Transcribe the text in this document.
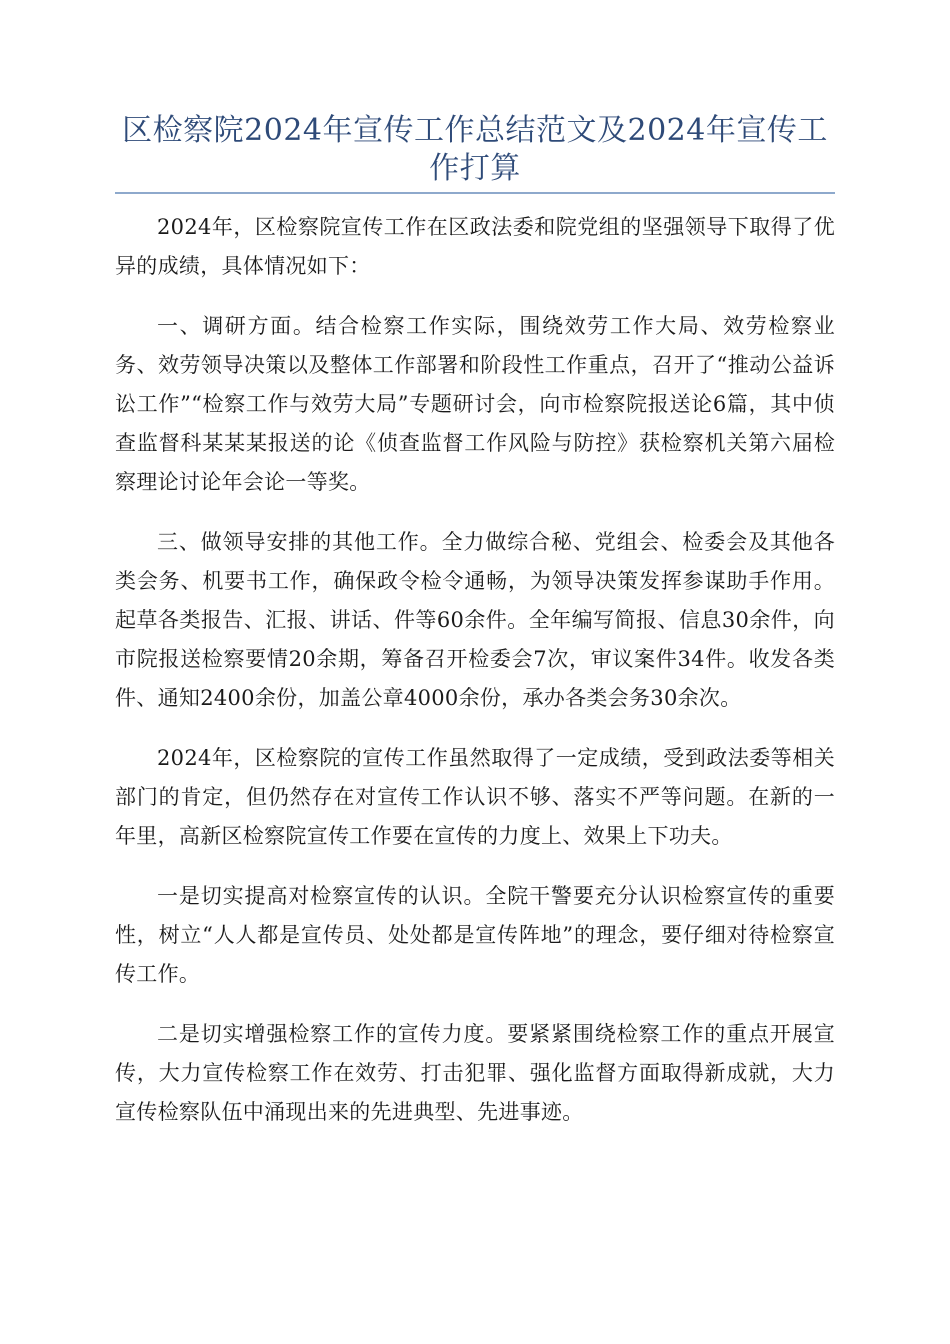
区检察院2024年宣传工作总结范文及2024年宣传工作打算

2024年，区检察院宣传工作在区政法委和院党组的坚强领导下取得了优异的成绩，具体情况如下：

一、调研方面。结合检察工作实际，围绕效劳工作大局、效劳检察业务、效劳领导决策以及整体工作部署和阶段性工作重点，召开了“推动公益诉讼工作”“检察工作与效劳大局”专题研讨会，向市检察院报送论6篇，其中侦查监督科某某某报送的论《侦查监督工作风险与防控》获检察机关第六届检察理论讨论年会论一等奖。

三、做领导安排的其他工作。全力做综合秘、党组会、检委会及其他各类会务、机要书工作，确保政令检令通畅，为领导决策发挥参谋助手作用。起草各类报告、汇报、讲话、件等60余件。全年编写简报、信息30余件，向市院报送检察要情20余期，筹备召开检委会7次，审议案件34件。收发各类件、通知2400余份，加盖公章4000余份，承办各类会务30余次。

2024年，区检察院的宣传工作虽然取得了一定成绩，受到政法委等相关部门的肯定，但仍然存在对宣传工作认识不够、落实不严等问题。在新的一年里，高新区检察院宣传工作要在宣传的力度上、效果上下功夫。

一是切实提高对检察宣传的认识。全院干警要充分认识检察宣传的重要性，树立“人人都是宣传员、处处都是宣传阵地”的理念，要仔细对待检察宣传工作。

二是切实增强检察工作的宣传力度。要紧紧围绕检察工作的重点开展宣传，大力宣传检察工作在效劳、打击犯罪、强化监督方面取得新成就，大力宣传检察队伍中涌现出来的先进典型、先进事迹。
